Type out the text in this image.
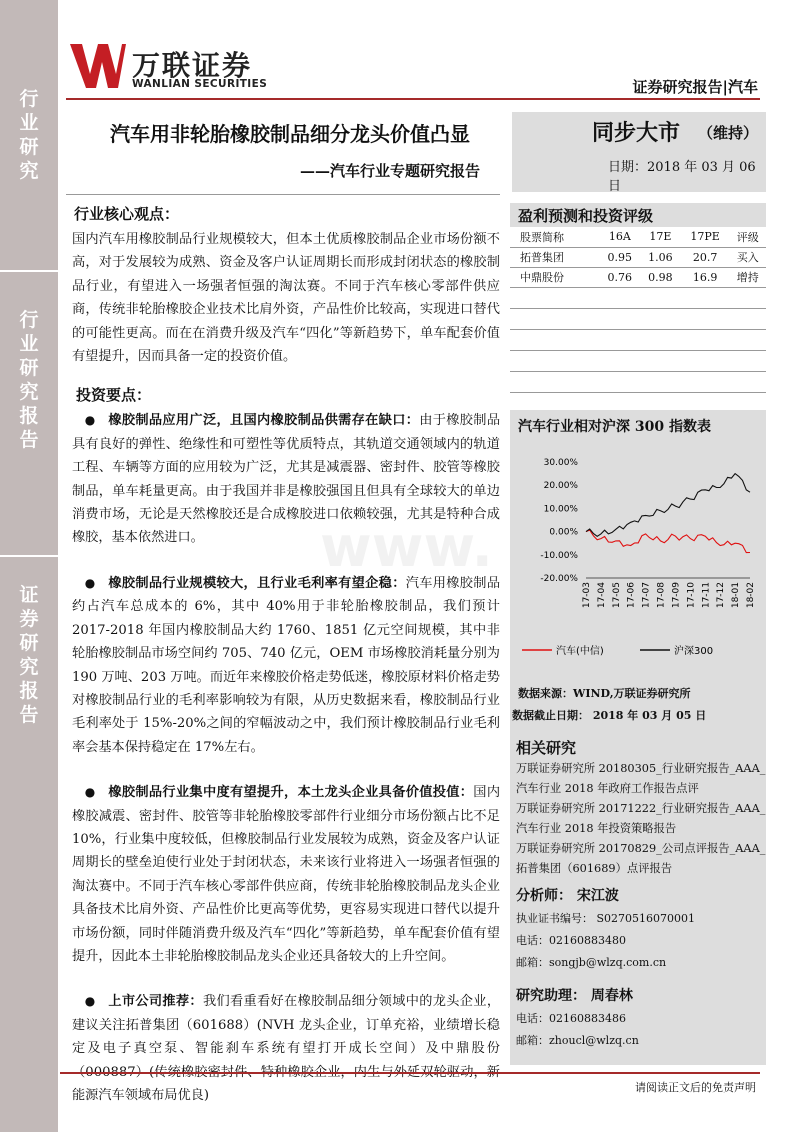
行业研究
行业研究报告
证券研究报告
万联证券
WANLIAN SECURITIES	证券研究报告|汽车
汽车用非轮胎橡胶制品细分龙头价值凸显
——汽车行业专题研究报告
同步大市 （维持）
日期：2018 年 03 月 06 日
行业核心观点：
国内汽车用橡胶制品行业规模较大，但本土优质橡胶制品企业市场份额不高，对于发展较为成熟、资金及客户认证周期长而形成封闭状态的橡胶制品行业，有望进入一场强者恒强的淘汰赛。不同于汽车核心零部件供应商，传统非轮胎橡胶企业技术比肩外资，产品性价比较高，实现进口替代的可能性更高。而在在消费升级及汽车“四化”等新趋势下，单车配套价值有望提升，因而具备一定的投资价值。
投资要点：
● 橡胶制品应用广泛，且国内橡胶制品供需存在缺口：由于橡胶制品具有良好的弹性、绝缘性和可塑性等优质特点，其轨道交通领域内的轨道工程、车辆等方面的应用较为广泛，尤其是减震器、密封件、胶管等橡胶制品，单车耗量更高。由于我国并非是橡胶强国且但具有全球较大的单边消费市场，无论是天然橡胶还是合成橡胶进口依赖较强，尤其是特种合成橡胶，基本依然进口。
● 橡胶制品行业规模较大，且行业毛利率有望企稳：汽车用橡胶制品约占汽车总成本的 6%，其中 40%用于非轮胎橡胶制品，我们预计 2017-2018 年国内橡胶制品大约 1760、1851 亿元空间规模，其中非轮胎橡胶制品市场空间约 705、740 亿元，OEM 市场橡胶消耗量分别为 190 万吨、203 万吨。而近年来橡胶价格走势低迷，橡胶原材料价格走势对橡胶制品行业的毛利率影响较为有限，从历史数据来看，橡胶制品行业毛利率处于 15%-20%之间的窄幅波动之中，我们预计橡胶制品行业毛利率会基本保持稳定在 17%左右。
● 橡胶制品行业集中度有望提升，本土龙头企业具备价值投值：国内橡胶减震、密封件、胶管等非轮胎橡胶零部件行业细分市场份额占比不足 10%，行业集中度较低，但橡胶制品行业发展较为成熟，资金及客户认证周期长的壁垒迫使行业处于封闭状态，未来该行业将进入一场强者恒强的淘汰赛中。不同于汽车核心零部件供应商，传统非轮胎橡胶制品龙头企业具备技术比肩外资、产品性价比更高等优势，更容易实现进口替代以提升市场份额，同时伴随消费升级及汽车“四化”等新趋势，单车配套价值有望提升，因此本土非轮胎橡胶制品龙头企业还具备较大的上升空间。
● 上市公司推荐：我们看重看好在橡胶制品细分领域中的龙头企业，建议关注拓普集团（601688）(NVH 龙头企业，订单充裕，业绩增长稳定及电子真空泵、智能刹车系统有望打开成长空间）及中鼎股份 能源汽车领域布局优良)
盈利预测和投资评级
股票简称	16A	17E	17PE	评级
拓普集团	0.95	1.06	20.7	买入
中鼎股份	0.76	0.98	16.9	增持
汽车行业相对沪深 300 指数表
30.00%
20.00%
10.00%
0.00%
-10.00%
-20.00%
17-03 17-04 17-05 17-06 17-07 17-08 17-09 17-10 17-11 17-12 18-01 18-02
汽车(中信)	沪深300
数据来源：WIND,万联证券研究所
数据截止日期： 2018 年 03 月 05 日
相关研究
万联证券研究所 20180305_行业研究报告_AAA_
汽车行业 2018 年政府工作报告点评
万联证券研究所 20171222_行业研究报告_AAA_
汽车行业 2018 年投资策略报告
万联证券研究所 20170829_公司点评报告_AAA_
拓普集团（601689）点评报告
分析师： 宋江波
执业证书编号： S0270516070001
电话：02160883480
邮箱：songjb@wlzq.com.cn
研究助理： 周春林
电话：02160883486
邮箱：zhoucl@wlzq.cn
www.
请阅读正文后的免责声明
